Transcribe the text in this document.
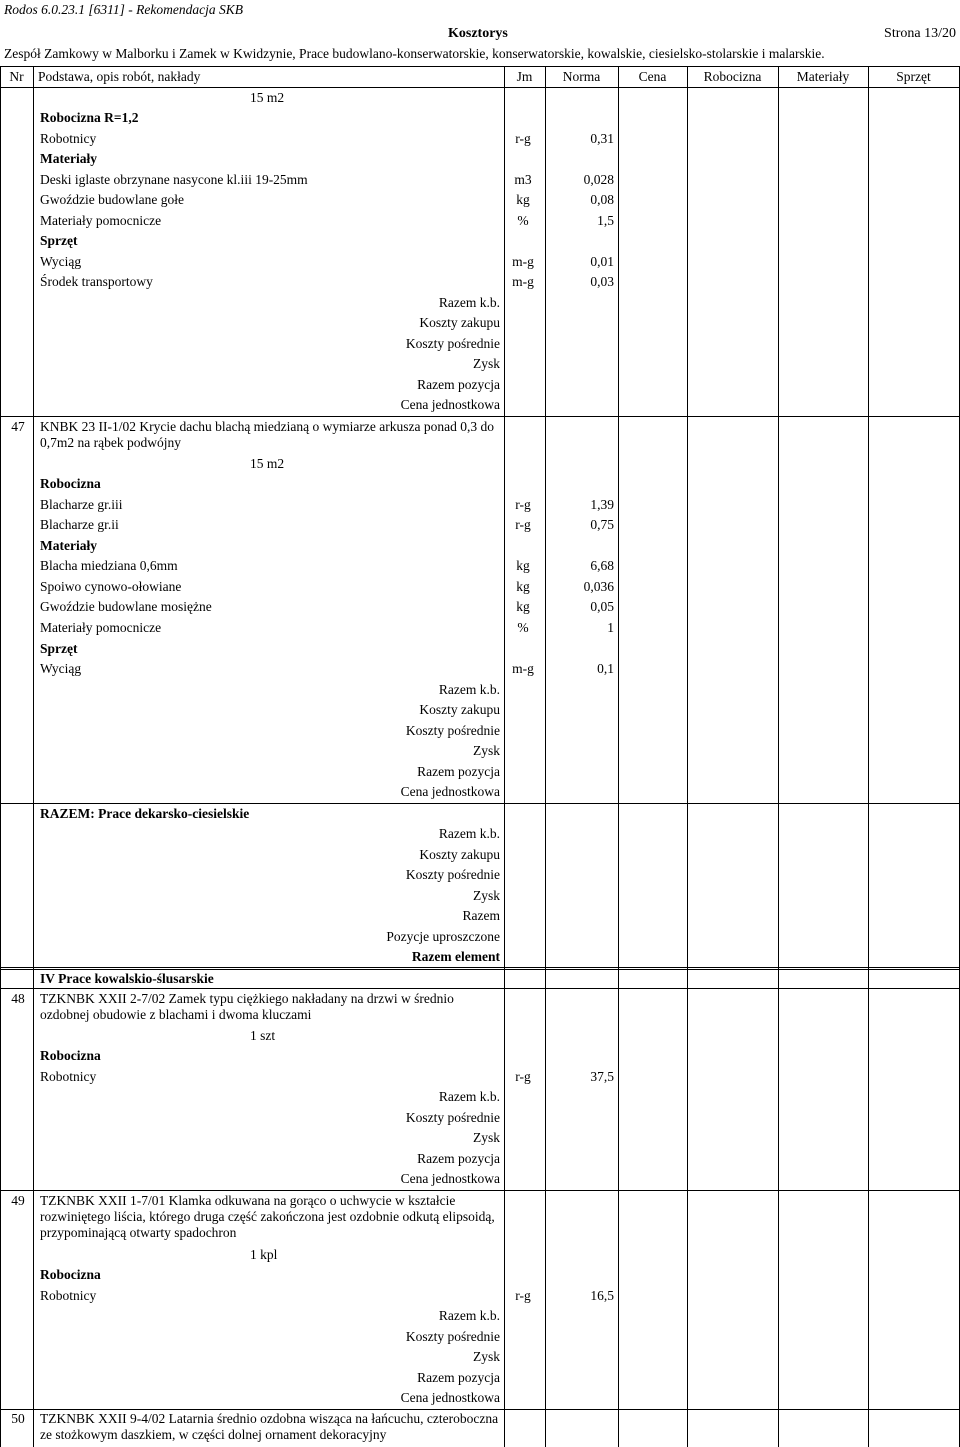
Rodos 6.0.23.1 [6311] - Rekomendacja SKB
Kosztorys	Strona 13/20
Zespół Zamkowy w Malborku i Zamek w Kwidzynie, Prace budowlano-konserwatorskie, konserwatorskie, kowalskie, ciesielsko-stolarskie i malarskie.
Nr	Podstawa, opis robót, nakłady	Jm	Norma	Cena	Robocizna	Materiały	Sprzęt
15 m2
Robocizna R=1,2
Robotnicy	r-g	0,31
Materiały
Deski iglaste obrzynane nasycone kl.iii 19-25mm	m3	0,028
Gwoździe budowlane gołe	kg	0,08
Materiały pomocnicze	%	1,5
Sprzęt
Wyciąg	m-g	0,01
Środek transportowy	m-g	0,03
Razem k.b.
Koszty zakupu
Koszty pośrednie
Zysk
Razem pozycja
Cena jednostkowa
47	KNBK 23 II-1/02 Krycie dachu blachą miedzianą o wymiarze arkusza ponad 0,3 do 0,7m2 na rąbek podwójny
15 m2
Robocizna
Blacharze gr.iii	r-g	1,39
Blacharze gr.ii	r-g	0,75
Materiały
Blacha miedziana 0,6mm	kg	6,68
Spoiwo cynowo-ołowiane	kg	0,036
Gwoździe budowlane mosiężne	kg	0,05
Materiały pomocnicze	%	1
Sprzęt
Wyciąg	m-g	0,1
Razem k.b.
Koszty zakupu
Koszty pośrednie
Zysk
Razem pozycja
Cena jednostkowa
RAZEM: Prace dekarsko-ciesielskie
Razem k.b.
Koszty zakupu
Koszty pośrednie
Zysk
Razem
Pozycje uproszczone
Razem element
IV Prace kowalskio-ślusarskie
48	TZKNBK XXII 2-7/02 Zamek typu ciężkiego nakładany na drzwi w średnio ozdobnej obudowie z blachami i dwoma kluczami
1 szt
Robocizna
Robotnicy	r-g	37,5
Razem k.b.
Koszty pośrednie
Zysk
Razem pozycja
Cena jednostkowa
49	TZKNBK XXII 1-7/01 Klamka odkuwana na gorąco o uchwycie w kształcie rozwiniętego liścia, którego druga część zakończona jest ozdobnie odkutą elipsoidą, przypominającą otwarty spadochron
1 kpl
Robocizna
Robotnicy	r-g	16,5
Razem k.b.
Koszty pośrednie
Zysk
Razem pozycja
Cena jednostkowa
50	TZKNBK XXII 9-4/02 Latarnia średnio ozdobna wisząca na łańcuchu, czteroboczna ze stożkowym daszkiem, w części dolnej ornament dekoracyjny
